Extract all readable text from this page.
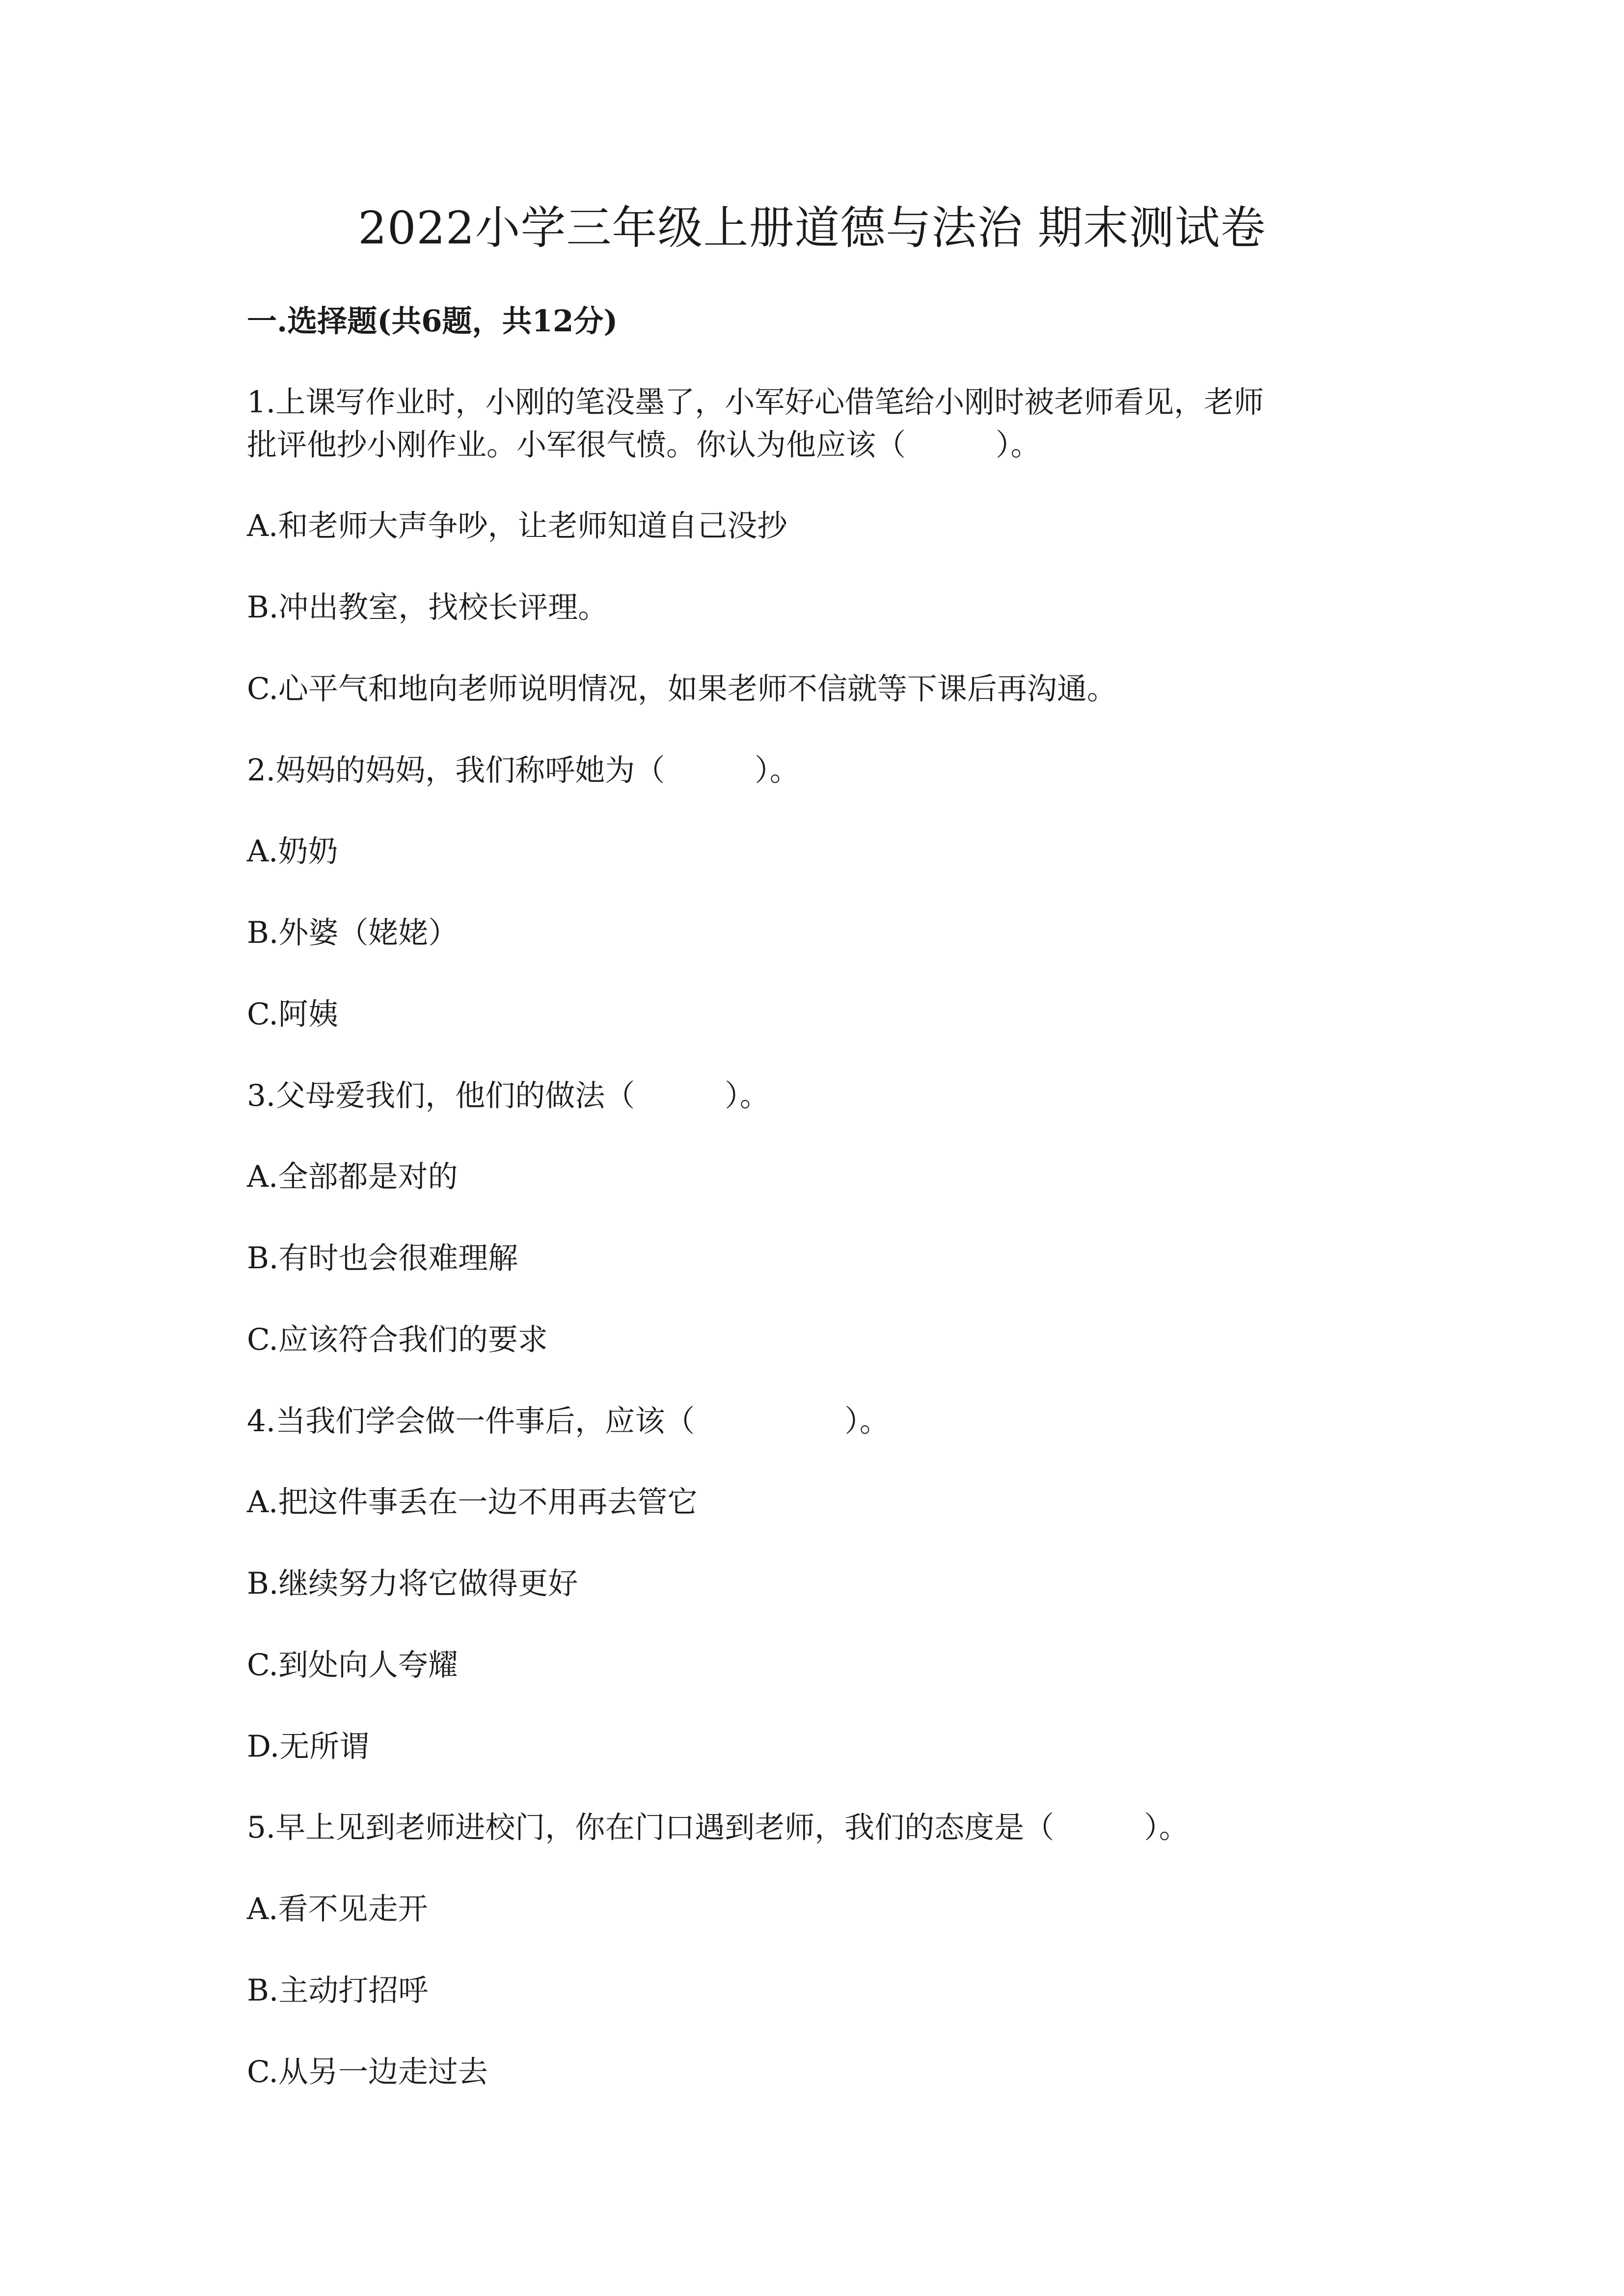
2022小学三年级上册道德与法治 期末测试卷
一.选择题(共6题，共12分)
1.上课写作业时，小刚的笔没墨了，小军好心借笔给小刚时被老师看见，老师
批评他抄小刚作业。小军很气愤。你认为他应该（　　　）。
A.和老师大声争吵，让老师知道自己没抄
B.冲出教室，找校长评理。
C.心平气和地向老师说明情况，如果老师不信就等下课后再沟通。
2.妈妈的妈妈，我们称呼她为（　　　）。
A.奶奶
B.外婆（姥姥）
C.阿姨
3.父母爱我们，他们的做法（　　　）。
A.全部都是对的
B.有时也会很难理解
C.应该符合我们的要求
4.当我们学会做一件事后，应该（　　　　　）。
A.把这件事丢在一边不用再去管它
B.继续努力将它做得更好
C.到处向人夸耀
D.无所谓
5.早上见到老师进校门，你在门口遇到老师，我们的态度是（　　　）。
A.看不见走开
B.主动打招呼
C.从另一边走过去
